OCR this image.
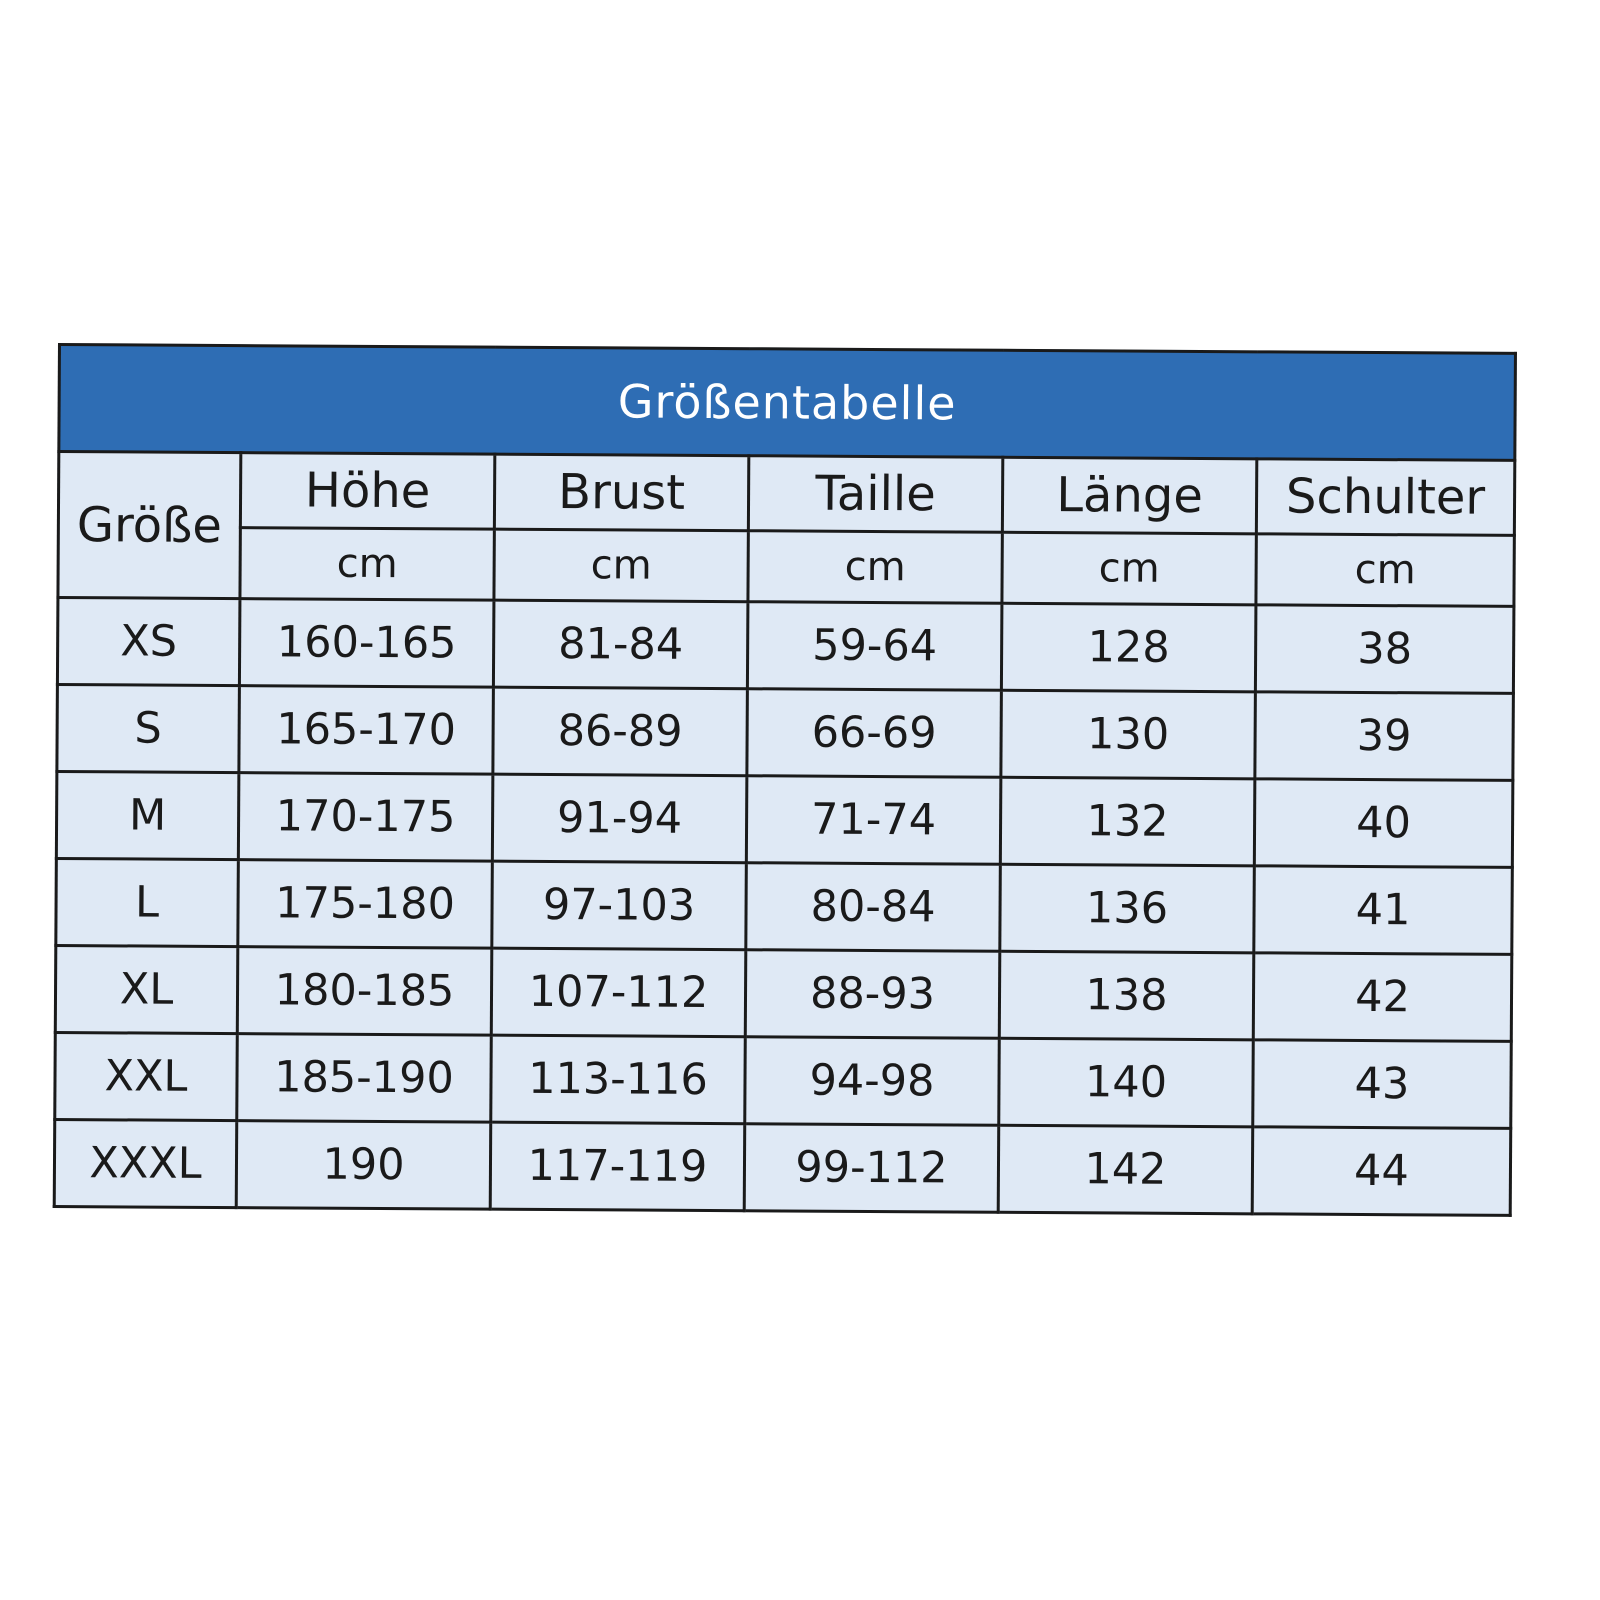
Größentabelle					
Größe	Höhe	Brust	Taille	Länge	Schulter
	cm	cm	cm	cm	cm
XS	160-165	81-84	59-64	128	38
S	165-170	86-89	66-69	130	39
M	170-175	91-94	71-74	132	40
L	175-180	97-103	80-84	136	41
XL	180-185	107-112	88-93	138	42
XXL	185-190	113-116	94-98	140	43
XXXL	190	117-119	99-112	142	44
